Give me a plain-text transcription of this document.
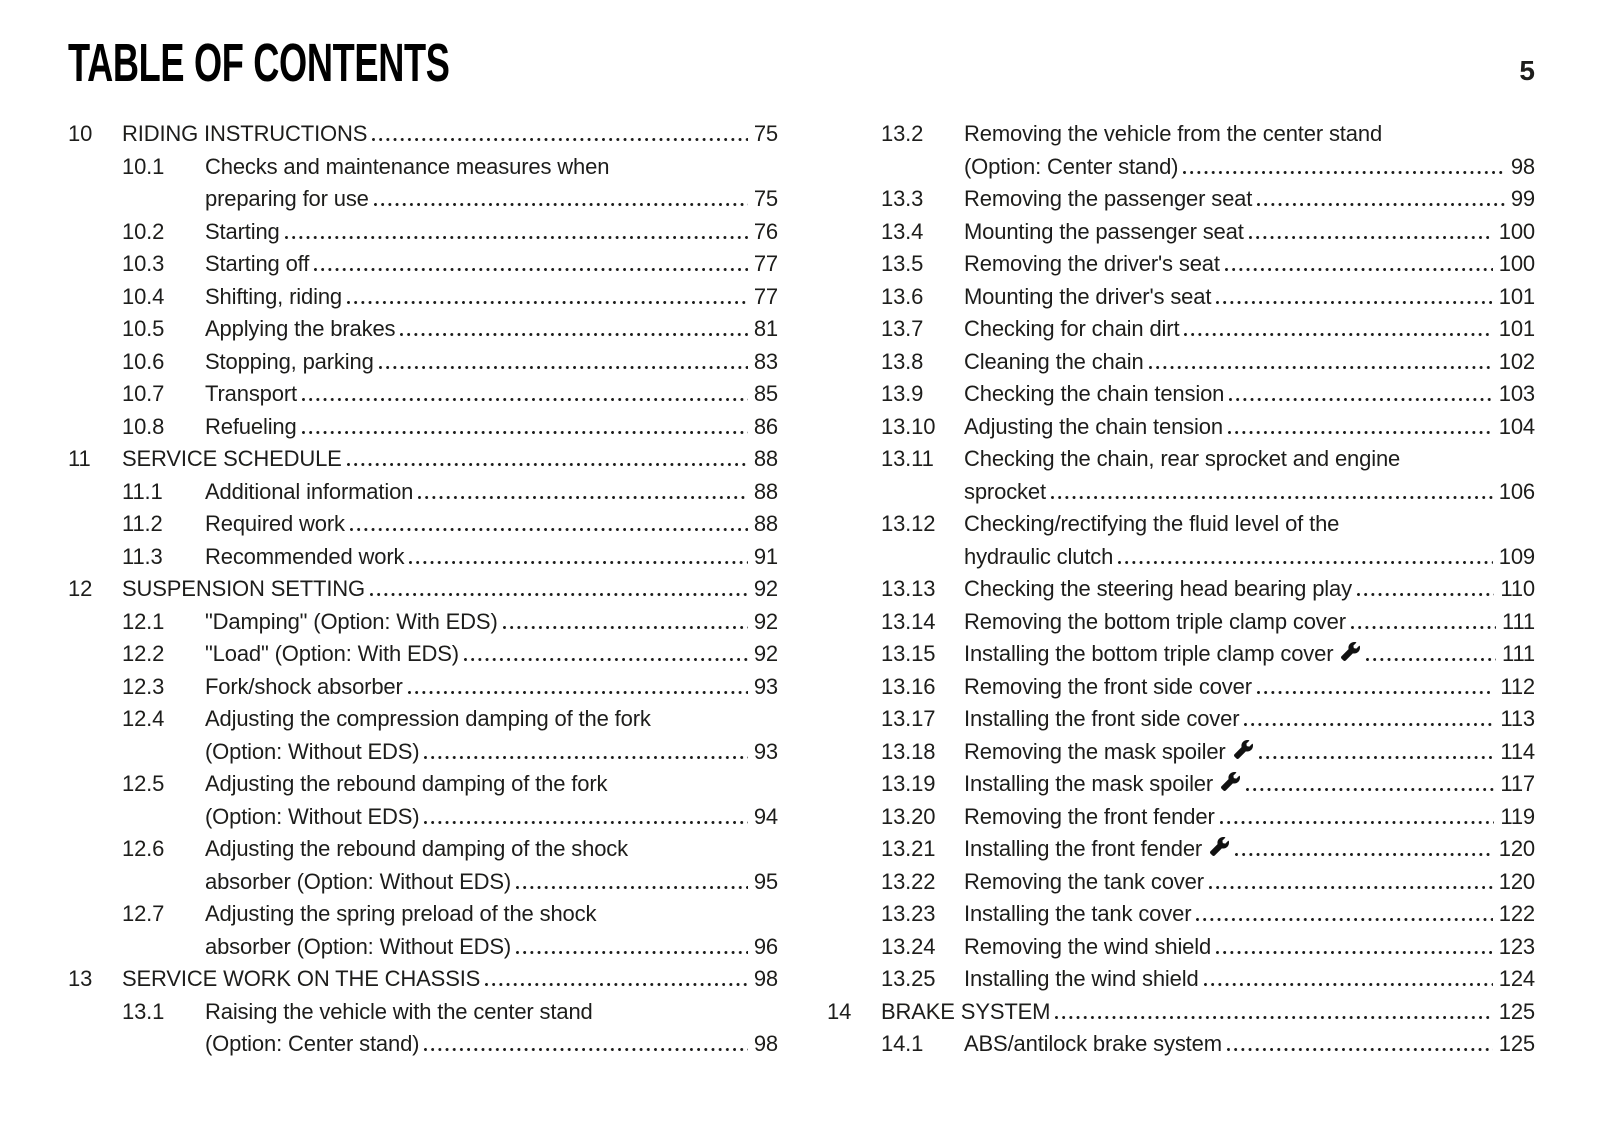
TABLE OF CONTENTS	5
10	RIDING INSTRUCTIONS	75
10.1	Checks and maintenance measures when
preparing for use	75
10.2	Starting	76
10.3	Starting off	77
10.4	Shifting, riding	77
10.5	Applying the brakes	81
10.6	Stopping, parking	83
10.7	Transport	85
10.8	Refueling	86
11	SERVICE SCHEDULE	88
11.1	Additional information	88
11.2	Required work	88
11.3	Recommended work	91
12	SUSPENSION SETTING	92
12.1	"Damping" (Option: With EDS)	92
12.2	"Load" (Option: With EDS)	92
12.3	Fork/shock absorber	93
12.4	Adjusting the compression damping of the fork
(Option: Without EDS)	93
12.5	Adjusting the rebound damping of the fork
(Option: Without EDS)	94
12.6	Adjusting the rebound damping of the shock
absorber (Option: Without EDS)	95
12.7	Adjusting the spring preload of the shock
absorber (Option: Without EDS)	96
13	SERVICE WORK ON THE CHASSIS	98
13.1	Raising the vehicle with the center stand
(Option: Center stand)	98
13.2	Removing the vehicle from the center stand
(Option: Center stand)	98
13.3	Removing the passenger seat	99
13.4	Mounting the passenger seat	100
13.5	Removing the driver's seat	100
13.6	Mounting the driver's seat	101
13.7	Checking for chain dirt	101
13.8	Cleaning the chain	102
13.9	Checking the chain tension	103
13.10	Adjusting the chain tension	104
13.11	Checking the chain, rear sprocket and engine
sprocket	106
13.12	Checking/rectifying the fluid level of the
hydraulic clutch	109
13.13	Checking the steering head bearing play	110
13.14	Removing the bottom triple clamp cover	111
13.15	Installing the bottom triple clamp cover	111
13.16	Removing the front side cover	112
13.17	Installing the front side cover	113
13.18	Removing the mask spoiler	114
13.19	Installing the mask spoiler	117
13.20	Removing the front fender	119
13.21	Installing the front fender	120
13.22	Removing the tank cover	120
13.23	Installing the tank cover	122
13.24	Removing the wind shield	123
13.25	Installing the wind shield	124
14	BRAKE SYSTEM	125
14.1	ABS/antilock brake system	125
